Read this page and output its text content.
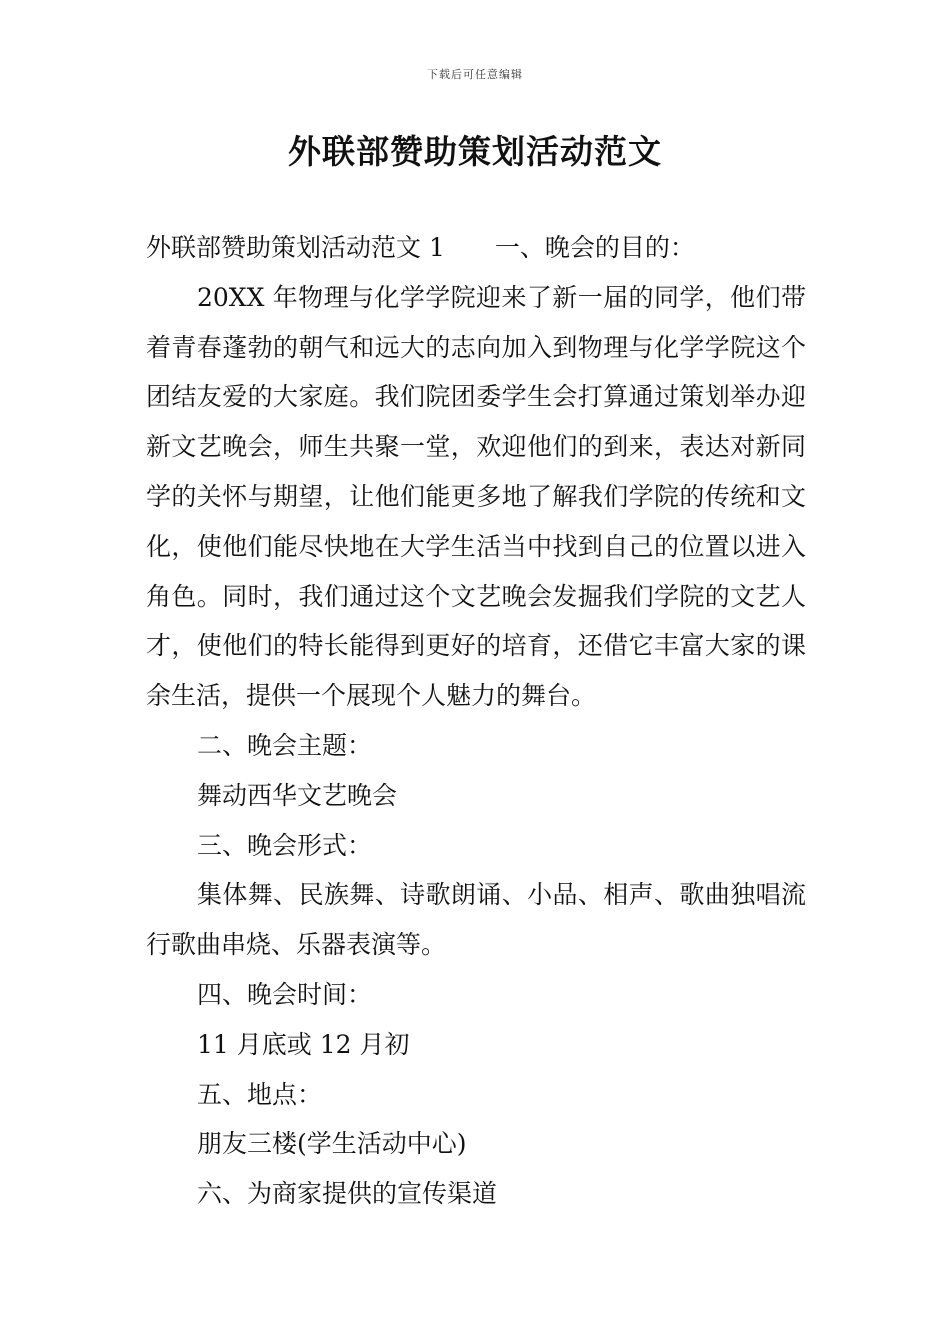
下载后可任意编辑
外联部赞助策划活动范文

外联部赞助策划活动范文 1　　一、晚会的目的：

20XX 年物理与化学学院迎来了新一届的同学，他们带着青春蓬勃的朝气和远大的志向加入到物理与化学学院这个团结友爱的大家庭。我们院团委学生会打算通过策划举办迎新文艺晚会，师生共聚一堂，欢迎他们的到来，表达对新同学的关怀与期望，让他们能更多地了解我们学院的传统和文化，使他们能尽快地在大学生活当中找到自己的位置以进入角色。同时，我们通过这个文艺晚会发掘我们学院的文艺人才，使他们的特长能得到更好的培育，还借它丰富大家的课余生活，提供一个展现个人魅力的舞台。

二、晚会主题：

舞动西华文艺晚会

三、晚会形式：

集体舞、民族舞、诗歌朗诵、小品、相声、歌曲独唱流行歌曲串烧、乐器表演等。

四、晚会时间：

11 月底或 12 月初

五、地点：

朋友三楼(学生活动中心)

六、为商家提供的宣传渠道
